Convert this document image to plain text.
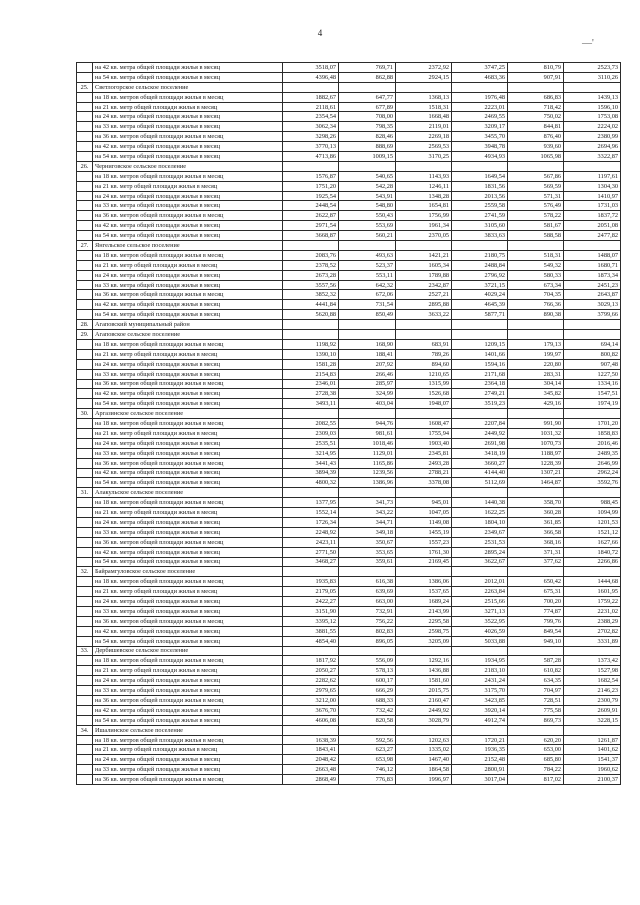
4
—'
	на 42 кв. метра общей площади жилья в месяц	3518,07	769,71	2372,92	3747,25	810,79	2523,73
	на 54 кв. метра общей площади жилья в месяц	4396,48	862,88	2924,15	4683,36	907,91	3110,26
25.	Светлогорское сельское поселение						
	на 18 кв. метров общей площади жилья в месяц	1882,67	647,77	1368,13	1976,48	686,83	1439,13
	на 21 кв. метр общей площади жилья в месяц	2118,61	677,89	1518,31	2223,01	718,42	1596,10
	на 24 кв. метра общей площади жилья в месяц	2354,54	708,00	1668,48	2469,55	750,02	1753,08
	на 33 кв. метра общей площади жилья в месяц	3062,34	798,35	2119,01	3209,17	844,81	2224,02
	на 36 кв. метров общей площади жилья в месяц	3298,26	828,46	2269,18	3455,70	876,40	2380,99
	на 42 кв. метра общей площади жилья в месяц	3770,13	888,69	2569,53	3948,78	939,60	2694,96
	на 54 кв. метра общей площади жилья в месяц	4713,86	1009,15	3170,25	4934,93	1065,98	3322,87
26.	Черниговское сельское поселение						
	на 18 кв. метров общей площади жилья в месяц	1576,87	540,65	1143,93	1649,54	567,86	1197,61
	на 21 кв. метр общей площади жилья в месяц	1751,20	542,28	1246,11	1831,56	569,59	1304,30
	на 24 кв. метра общей площади жилья в месяц	1925,54	543,91	1348,28	2013,56	571,31	1410,97
	на 33 кв. метра общей площади жилья в месяц	2448,54	548,80	1654,81	2559,58	576,49	1731,03
	на 36 кв. метров общей площади жилья в месяц	2622,87	550,43	1756,99	2741,59	578,22	1837,72
	на 42 кв. метра общей площади жилья в месяц	2971,54	553,69	1961,34	3105,60	581,67	2051,08
	на 54 кв. метра общей площади жилья в месяц	3668,87	560,21	2370,05	3833,63	588,58	2477,82
27.	Янгельское сельское поселение						
	на 18 кв. метров общей площади жилья в месяц	2083,76	493,63	1421,21	2180,75	518,31	1488,07
	на 21 кв. метр общей площади жилья в месяц	2378,52	523,37	1605,34	2488,84	549,32	1680,71
	на 24 кв. метра общей площади жилья в месяц	2673,28	553,11	1789,88	2796,92	580,33	1873,34
	на 33 кв. метра общей площади жилья в месяц	3557,56	642,32	2342,87	3721,15	673,34	2451,23
	на 36 кв. метров общей площади жилья в месяц	3852,32	672,06	2527,21	4029,24	704,35	2643,87
	на 42 кв. метра общей площади жилья в месяц	4441,84	731,54	2895,88	4645,39	766,36	3029,13
	на 54 кв. метра общей площади жилья в месяц	5620,88	850,49	3633,22	5877,71	890,38	3799,66
28.	Агаповский муниципальный район						
29.	Агаповское сельское поселение						
	на 18 кв. метров общей площади жилья в месяц	1198,92	168,90	683,91	1209,15	179,13	694,14
	на 21 кв. метр общей площади жилья в месяц	1390,10	188,41	789,26	1401,66	199,97	800,82
	на 24 кв. метра общей площади жилья в месяц	1581,28	207,92	894,60	1594,16	220,80	907,48
	на 33 кв. метра общей площади жилья в месяц	2154,83	266,46	1210,65	2171,68	283,31	1227,50
	на 36 кв. метров общей площади жилья в месяц	2346,01	285,97	1315,99	2364,18	304,14	1334,16
	на 42 кв. метра общей площади жилья в месяц	2728,38	324,99	1526,68	2749,21	345,82	1547,51
	на 54 кв. метра общей площади жилья в месяц	3493,11	403,04	1948,07	3519,23	429,16	1974,19
30.	Аргазинское сельское поселение						
	на 18 кв. метров общей площади жилья в месяц	2082,55	944,76	1608,47	2207,84	991,90	1701,20
	на 21 кв. метр общей площади жилья в месяц	2309,03	981,61	1755,94	2449,92	1031,32	1858,83
	на 24 кв. метра общей площади жилья в месяц	2535,51	1018,46	1903,40	2691,98	1070,73	2016,46
	на 33 кв. метра общей площади жилья в месяц	3214,95	1129,01	2345,81	3418,19	1188,97	2489,35
	на 36 кв. метров общей площади жилья в месяц	3441,43	1165,86	2493,28	3660,27	1228,39	2646,99
	на 42 кв. метра общей площади жилья в месяц	3894,39	1239,56	2788,21	4144,40	1307,21	2962,24
	на 54 кв. метра общей площади жилья в месяц	4800,32	1386,96	3378,08	5112,69	1464,87	3592,76
31.	Алакульское сельское поселение						
	на 18 кв. метров общей площади жилья в месяц	1377,95	341,73	945,01	1440,38	358,70	988,45
	на 21 кв. метр общей площади жилья в месяц	1552,14	343,22	1047,05	1622,25	360,28	1094,99
	на 24 кв. метра общей площади жилья в месяц	1726,34	344,71	1149,08	1804,10	361,85	1201,53
	на 33 кв. метра общей площади жилья в месяц	2248,92	349,18	1455,19	2349,67	366,58	1521,12
	на 36 кв. метров общей площади жилья в месяц	2423,11	350,67	1557,23	2531,53	368,16	1627,66
	на 42 кв. метра общей площади жилья в месяц	2771,50	353,65	1761,30	2895,24	371,31	1840,72
	на 54 кв. метра общей площади жилья в месяц	3468,27	359,61	2169,45	3622,67	377,62	2266,86
32.	Байрамгуловское сельское поселение						
	на 18 кв. метров общей площади жилья в месяц	1935,83	616,38	1386,06	2012,01	650,42	1444,68
	на 21 кв. метр общей площади жилья в месяц	2179,05	639,69	1537,65	2263,84	675,31	1601,95
	на 24 кв. метра общей площади жилья в месяц	2422,27	663,00	1689,24	2515,66	700,20	1759,22
	на 33 кв. метра общей площади жилья в месяц	3151,90	732,91	2143,99	3271,13	774,87	2231,02
	на 36 кв. метров общей площади жилья в месяц	3395,12	756,22	2295,58	3522,95	799,76	2388,29
	на 42 кв. метра общей площади жилья в месяц	3881,55	802,83	2598,75	4026,59	849,54	2702,82
	на 54 кв. метра общей площади жилья в месяц	4854,40	896,05	3205,09	5033,88	949,10	3331,89
33.	Дербишевское сельское поселение						
	на 18 кв. метров общей площади жилья в месяц	1817,92	556,09	1292,16	1934,95	587,28	1373,42
	на 21 кв. метр общей площади жилья в месяц	2050,27	578,13	1436,88	2183,10	610,82	1527,98
	на 24 кв. метра общей площади жилья в месяц	2282,62	600,17	1581,60	2431,24	634,35	1682,54
	на 33 кв. метра общей площади жилья в месяц	2979,65	666,29	2015,75	3175,70	704,97	2146,23
	на 36 кв. метров общей площади жилья в месяц	3212,00	688,33	2160,47	3423,85	728,51	2300,79
	на 42 кв. метра общей площади жилья в месяц	3676,70	732,42	2449,92	3920,14	775,58	2609,91
	на 54 кв. метра общей площади жилья в месяц	4606,08	820,58	3028,79	4912,74	869,73	3228,15
34.	Ишалинское сельское поселение						
	на 18 кв. метров общей площади жилья в месяц	1638,39	592,56	1202,63	1720,21	620,20	1261,87
	на 21 кв. метр общей площади жилья в месяц	1843,41	623,27	1335,02	1936,35	653,00	1401,62
	на 24 кв. метра общей площади жилья в месяц	2048,42	653,98	1467,40	2152,48	685,80	1541,37
	на 33 кв. метра общей площади жилья в месяц	2663,48	746,12	1864,58	2800,91	784,22	1960,62
	на 36 кв. метров общей площади жилья в месяц	2868,49	776,83	1996,97	3017,04	817,02	2100,37
